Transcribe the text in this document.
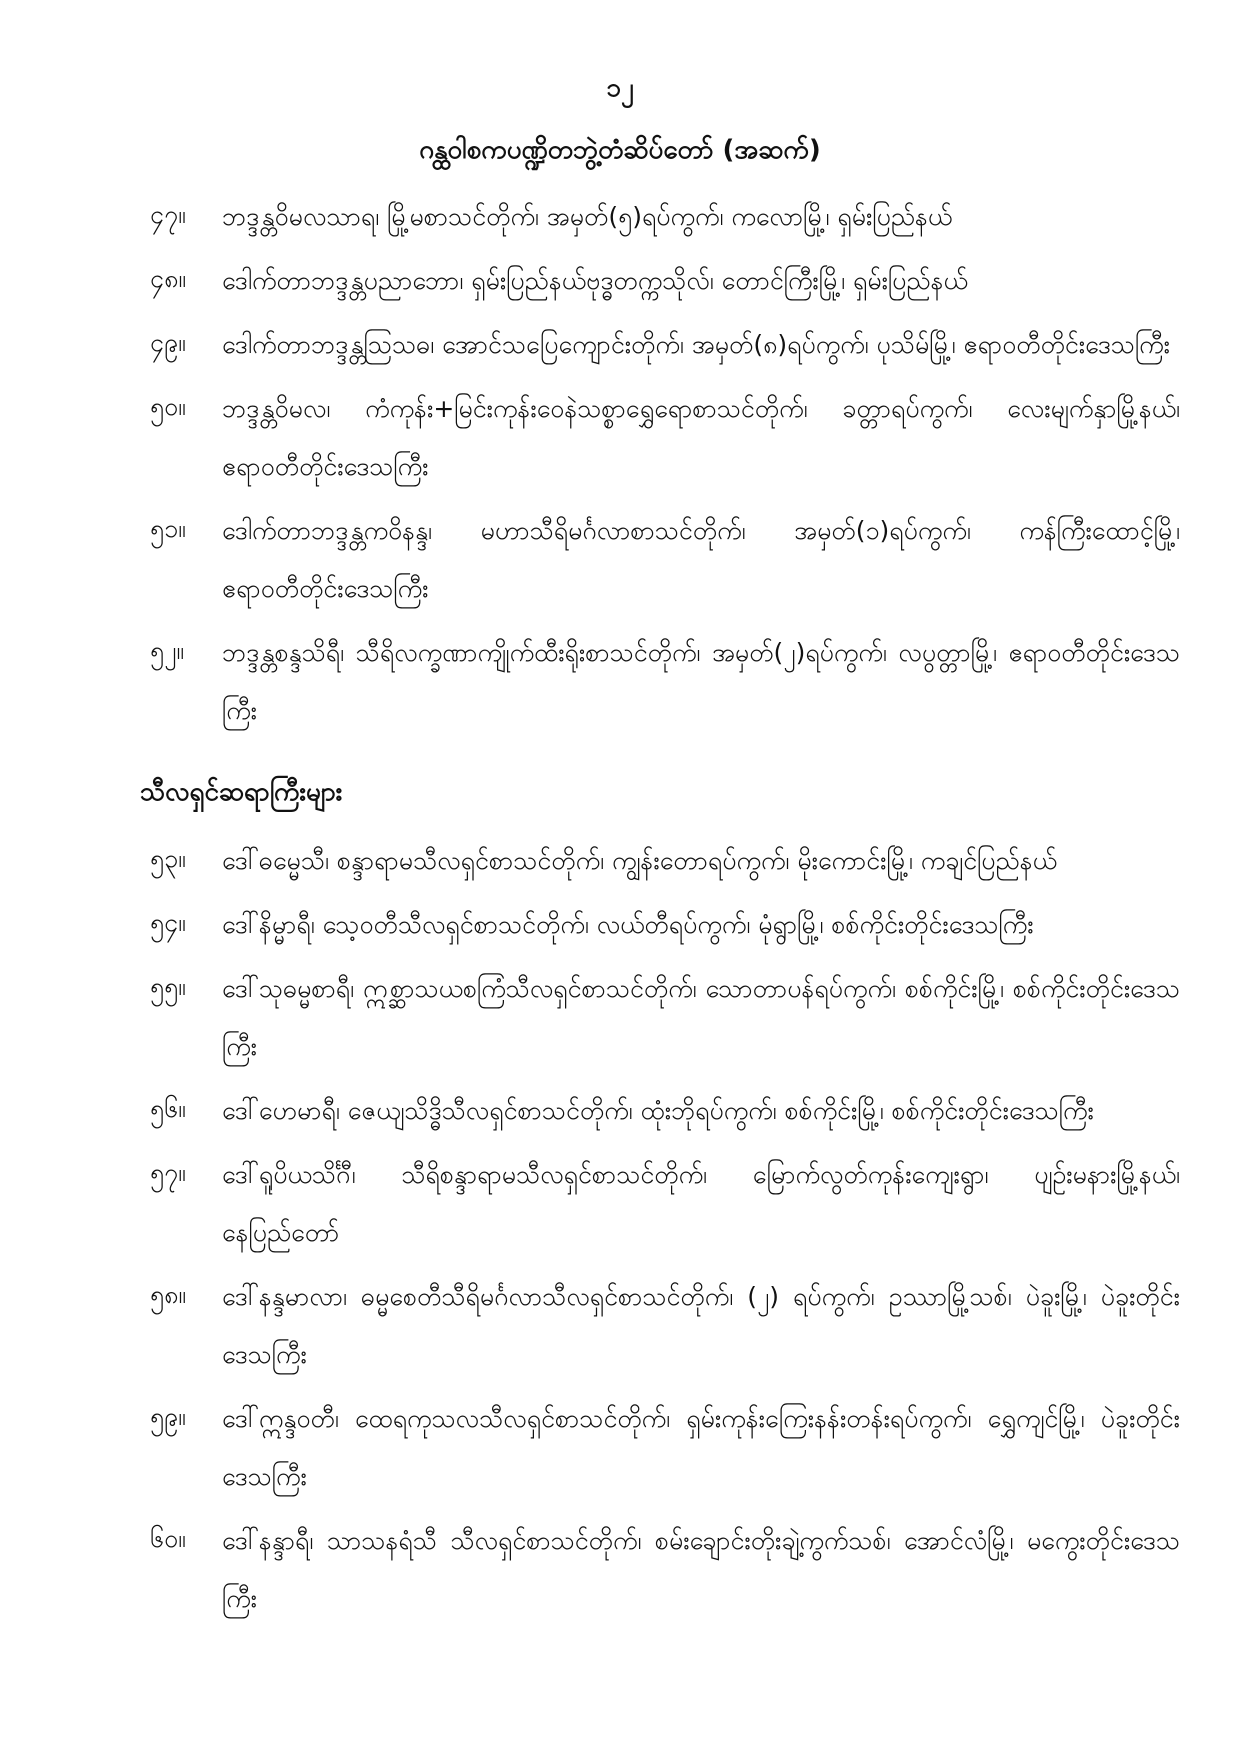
၁၂
ဂန္ထဝါစကပဏ္ဍိတဘွဲ့တံဆိပ်တော် (အဆက်)
၄၇။	ဘဒ္ဒန္တဝိမလသာရ၊ မြို့မစာသင်တိုက်၊ အမှတ်(၅)ရပ်ကွက်၊ ကလောမြို့၊ ရှမ်းပြည်နယ်
၄၈။	ဒေါက်တာဘဒ္ဒန္တပညာဘော၊ ရှမ်းပြည်နယ်ဗုဒ္ဓတက္ကသိုလ်၊ တောင်ကြီးမြို့၊ ရှမ်းပြည်နယ်
၄၉။	ဒေါက်တာဘဒ္ဒန္တသြသဓ၊ အောင်သပြေကျောင်းတိုက်၊ အမှတ်(၈)ရပ်ကွက်၊ ပုသိမ်မြို့၊ ဧရာဝတီတိုင်းဒေသကြီး
၅၀။	ဘဒ္ဒန္တဝိမလ၊ ကံကုန်း+မြင်းကုန်းဝေနဲသစ္စာရွှေရောစာသင်တိုက်၊ ခတ္တာရပ်ကွက်၊ လေးမျက်နှာမြို့နယ်၊ ဧရာဝတီတိုင်းဒေသကြီး
၅၁။	ဒေါက်တာဘဒ္ဒန္တကဝိနန္ဒ၊ မဟာသီရိမင်္ဂလာစာသင်တိုက်၊ အမှတ်(၁)ရပ်ကွက်၊ ကန်ကြီးထောင့်မြို့၊ ဧရာဝတီတိုင်းဒေသကြီး
၅၂။	ဘဒ္ဒန္တစန္ဒသိရီ၊ သီရိလက္ခဏာကျိုက်ထီးရိုးစာသင်တိုက်၊ အမှတ်(၂)ရပ်ကွက်၊ လပွတ္တာမြို့၊ ဧရာဝတီတိုင်းဒေသကြီး
သီလရှင်ဆရာကြီးများ
၅၃။	ဒေါ်ဓမ္မေသီ၊ စန္ဒာရာမသီလရှင်စာသင်တိုက်၊ ကျွန်းတောရပ်ကွက်၊ မိုးကောင်းမြို့၊ ကချင်ပြည်နယ်
၅၄။	ဒေါ်နိမ္မာရီ၊ သေ့ဝတီသီလရှင်စာသင်တိုက်၊ လယ်တီရပ်ကွက်၊ မုံရွာမြို့၊ စစ်ကိုင်းတိုင်းဒေသကြီး
၅၅။	ဒေါ်သုဓမ္မစာရီ၊ ဣစ္ဆာသယစကြံသီလရှင်စာသင်တိုက်၊ သောတာပန်ရပ်ကွက်၊ စစ်ကိုင်းမြို့၊ စစ်ကိုင်းတိုင်းဒေသကြီး
၅၆။	ဒေါ်ဟေမာရီ၊ ဇေယျသိဒ္ဓိသီလရှင်စာသင်တိုက်၊ ထုံးဘိုရပ်ကွက်၊ စစ်ကိုင်းမြို့၊ စစ်ကိုင်းတိုင်းဒေသကြီး
၅၇။	ဒေါ်ရူပိယသိင်္ဂီ၊ သီရိစန္ဒာရာမသီလရှင်စာသင်တိုက်၊ မြောက်လွတ်ကုန်းကျေးရွာ၊ ပျဉ်းမနားမြို့နယ်၊ နေပြည်တော်
၅၈။	ဒေါ်နန္ဒမာလာ၊ ဓမ္မစေတီသီရိမင်္ဂလာသီလရှင်စာသင်တိုက်၊ (၂) ရပ်ကွက်၊ ဥဿာမြို့သစ်၊ ပဲခူးမြို့၊ ပဲခူးတိုင်းဒေသကြီး
၅၉။	ဒေါ်ဣန္ဒဝတီ၊ ထေရကုသလသီလရှင်စာသင်တိုက်၊ ရှမ်းကုန်းကြေးနန်းတန်းရပ်ကွက်၊ ရွှေကျင်မြို့၊ ပဲခူးတိုင်းဒေသကြီး
၆၀။	ဒေါ်နန္ဒာရီ၊ သာသနရံသီ သီလရှင်စာသင်တိုက်၊ စမ်းချောင်းတိုးချဲ့ကွက်သစ်၊ အောင်လံမြို့၊ မကွေးတိုင်းဒေသကြီး
